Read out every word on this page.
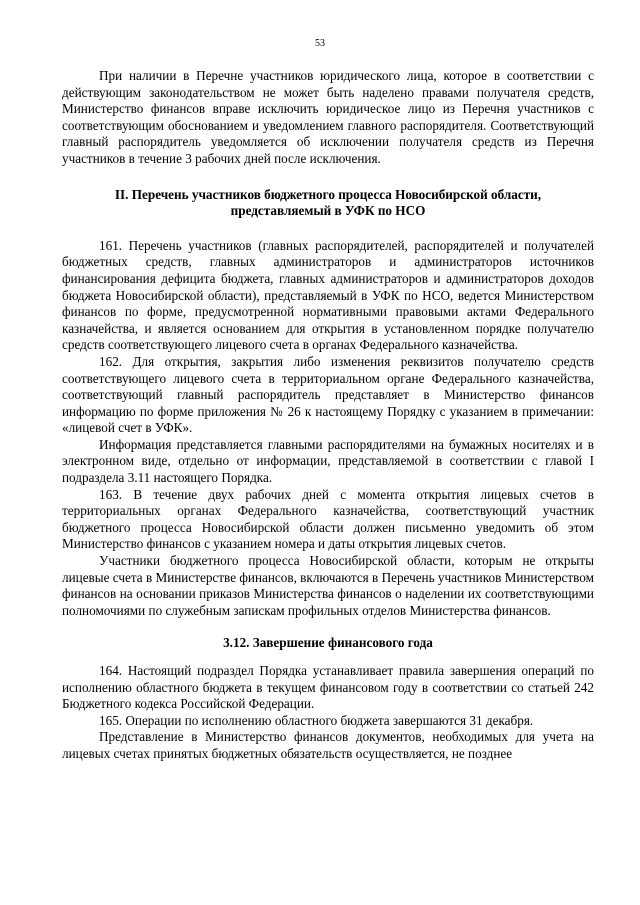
53

При наличии в Перечне участников юридического лица, которое в соответствии с действующим законодательством не может быть наделено правами получателя средств, Министерство финансов вправе исключить юридическое лицо из Перечня участников с соответствующим обоснованием и уведомлением главного распорядителя. Соответствующий главный распорядитель уведомляется об исключении получателя средств из Перечня участников в течение 3 рабочих дней после исключения.

II. Перечень участников бюджетного процесса Новосибирской области, представляемый в УФК по НСО

161. Перечень участников (главных распорядителей, распорядителей и получателей бюджетных средств, главных администраторов и администраторов источников финансирования дефицита бюджета, главных администраторов и администраторов доходов бюджета Новосибирской области), представляемый в УФК по НСО, ведется Министерством финансов по форме, предусмотренной нормативными правовыми актами Федерального казначейства, и является основанием для открытия в установленном порядке получателю средств соответствующего лицевого счета в органах Федерального казначейства.

162. Для открытия, закрытия либо изменения реквизитов получателю средств соответствующего лицевого счета в территориальном органе Федерального казначейства, соответствующий главный распорядитель представляет в Министерство финансов информацию по форме приложения № 26 к настоящему Порядку с указанием в примечании: «лицевой счет в УФК».

Информация представляется главными распорядителями на бумажных носителях и в электронном виде, отдельно от информации, представляемой в соответствии с главой I подраздела 3.11 настоящего Порядка.

163. В течение двух рабочих дней с момента открытия лицевых счетов в территориальных органах Федерального казначейства, соответствующий участник бюджетного процесса Новосибирской области должен письменно уведомить об этом Министерство финансов с указанием номера и даты открытия лицевых счетов.

Участники бюджетного процесса Новосибирской области, которым не открыты лицевые счета в Министерстве финансов, включаются в Перечень участников Министерством финансов на основании приказов Министерства финансов о наделении их соответствующими полномочиями по служебным запискам профильных отделов Министерства финансов.

3.12. Завершение финансового года

164. Настоящий подраздел Порядка устанавливает правила завершения операций по исполнению областного бюджета в текущем финансовом году в соответствии со статьей 242 Бюджетного кодекса Российской Федерации.

165. Операции по исполнению областного бюджета завершаются 31 декабря.

Представление в Министерство финансов документов, необходимых для учета на лицевых счетах принятых бюджетных обязательств осуществляется, не позднее
